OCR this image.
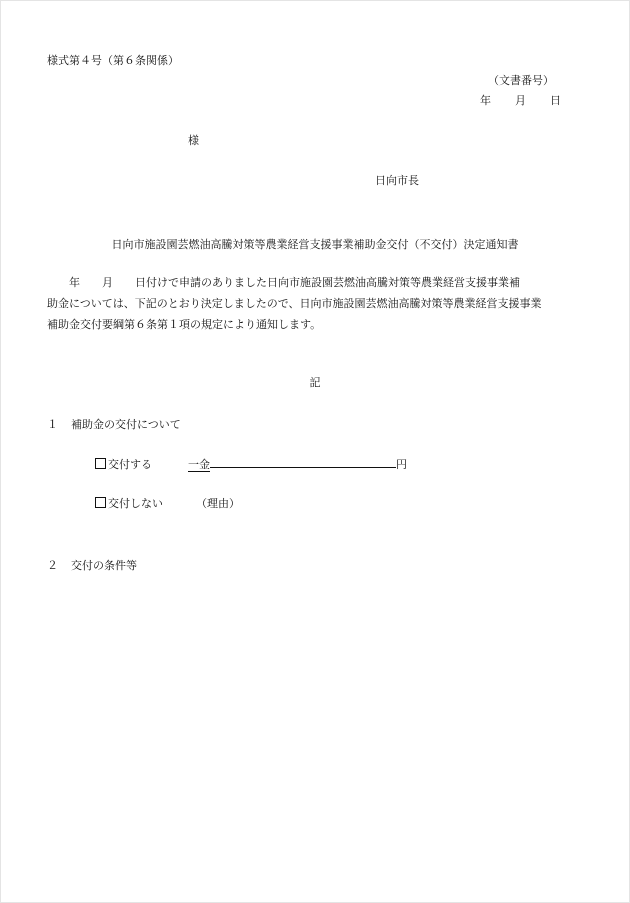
様式第４号（第６条関係）
（文書番号）
年 月 日
様
日向市長
日向市施設園芸燃油高騰対策等農業経営支援事業補助金交付（不交付）決定通知書

　　年　　月　　日付けで申請のありました日向市施設園芸燃油高騰対策等農業経営支援事業補

助金については、下記のとおり決定しましたので、日向市施設園芸燃油高騰対策等農業経営支援事業

補助金交付要綱第６条第１項の規定により通知します。

記
１ 補助金の交付について
交付する	一金	円
交付しない	（理由）
２ 交付の条件等
